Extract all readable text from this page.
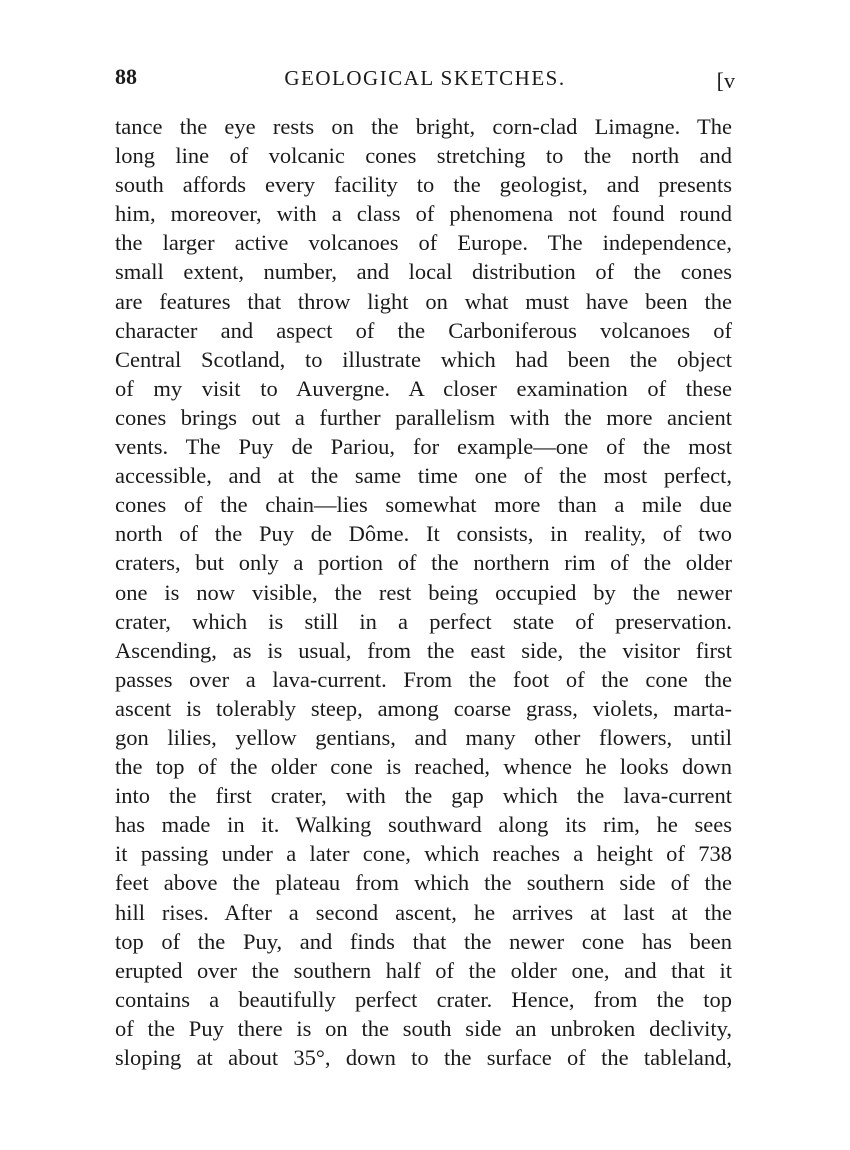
88	GEOLOGICAL SKETCHES.	[v
tance the eye rests on the bright, corn-clad Limagne. The
long line of volcanic cones stretching to the north and
south affords every facility to the geologist, and presents
him, moreover, with a class of phenomena not found round
the larger active volcanoes of Europe. The independence,
small extent, number, and local distribution of the cones
are features that throw light on what must have been the
character and aspect of the Carboniferous volcanoes of
Central Scotland, to illustrate which had been the object
of my visit to Auvergne. A closer examination of these
cones brings out a further parallelism with the more ancient
vents. The Puy de Pariou, for example—one of the most
accessible, and at the same time one of the most perfect,
cones of the chain—lies somewhat more than a mile due
north of the Puy de Dôme. It consists, in reality, of two
craters, but only a portion of the northern rim of the older
one is now visible, the rest being occupied by the newer
crater, which is still in a perfect state of preservation.
Ascending, as is usual, from the east side, the visitor first
passes over a lava-current. From the foot of the cone the
ascent is tolerably steep, among coarse grass, violets, marta-
gon lilies, yellow gentians, and many other flowers, until
the top of the older cone is reached, whence he looks down
into the first crater, with the gap which the lava-current
has made in it. Walking southward along its rim, he sees
it passing under a later cone, which reaches a height of 738
feet above the plateau from which the southern side of the
hill rises. After a second ascent, he arrives at last at the
top of the Puy, and finds that the newer cone has been
erupted over the southern half of the older one, and that it
contains a beautifully perfect crater. Hence, from the top
of the Puy there is on the south side an unbroken declivity,
sloping at about 35°, down to the surface of the tableland,
